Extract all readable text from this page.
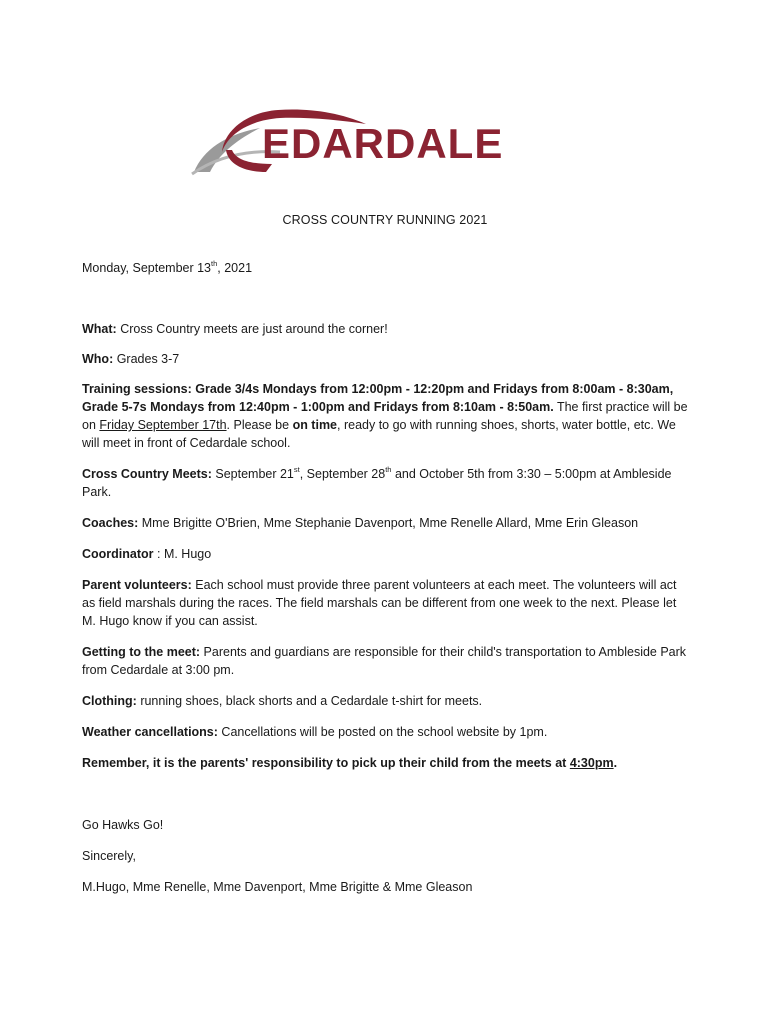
EDARDALE
CROSS COUNTRY RUNNING 2021
Monday, September 13th, 2021

What: Cross Country meets are just around the corner!

Who: Grades 3-7

Training sessions: Grade 3/4s Mondays from 12:00pm - 12:20pm and Fridays from 8:00am - 8:30am, Grade 5-7s Mondays from 12:40pm - 1:00pm and Fridays from 8:10am - 8:50am. The first practice will be on Friday September 17th. Please be on time, ready to go with running shoes, shorts, water bottle, etc. We will meet in front of Cedardale school.

Cross Country Meets: September 21st, September 28th and October 5th from 3:30 – 5:00pm at Ambleside Park.

Coaches: Mme Brigitte O'Brien, Mme Stephanie Davenport, Mme Renelle Allard, Mme Erin Gleason

Coordinator : M. Hugo

Parent volunteers: Each school must provide three parent volunteers at each meet. The volunteers will act as field marshals during the races. The field marshals can be different from one week to the next. Please let M. Hugo know if you can assist.

Getting to the meet: Parents and guardians are responsible for their child's transportation to Ambleside Park from Cedardale at 3:00 pm.

Clothing: running shoes, black shorts and a Cedardale t-shirt for meets.

Weather cancellations: Cancellations will be posted on the school website by 1pm.

Remember, it is the parents' responsibility to pick up their child from the meets at 4:30pm.

Go Hawks Go!

Sincerely,

M.Hugo, Mme Renelle, Mme Davenport, Mme Brigitte & Mme Gleason
